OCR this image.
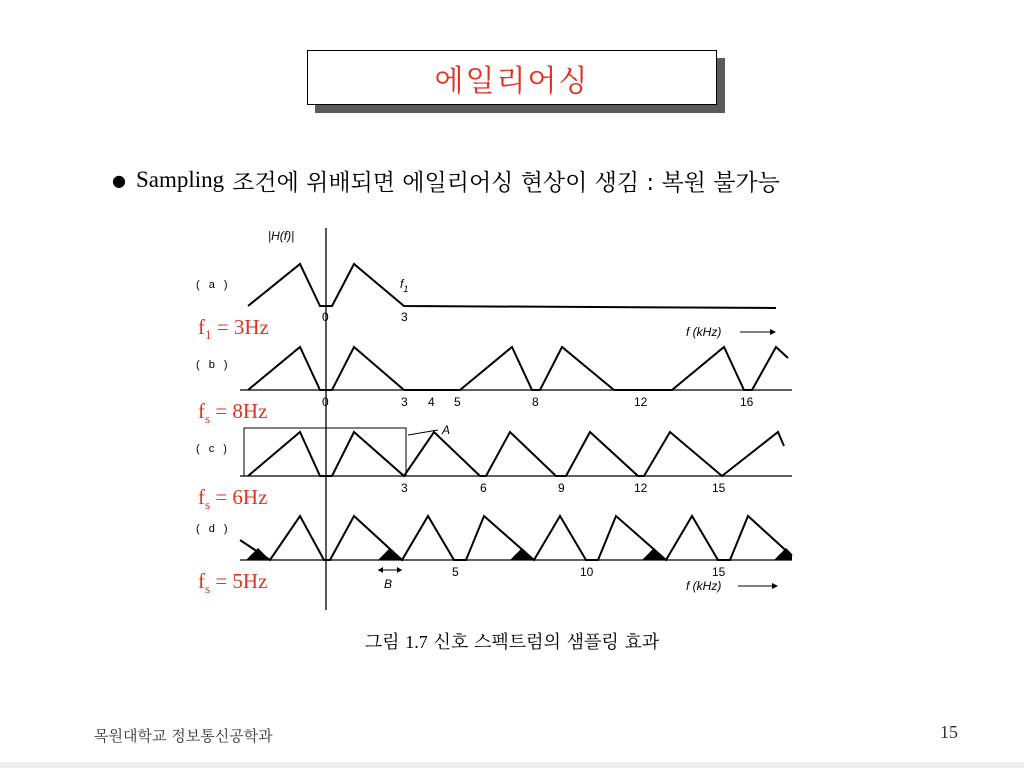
에일리어싱
● Sampling 조건에 위배되면 에일리어싱 현상이 생김 : 복원 불가능
|H(f)|
( a )	$f_1$
0	3
$f_1 = 3Hz$	f (kHz)
( b )
0	3 4 5	8	12	16
$f_s = 8Hz$
( c )
A
3	6	9	12	15
$f_s = 6Hz$
( d )
5	10	15
B	f (kHz)
$f_s = 5Hz$
그림 1.7 신호 스펙트럼의 샘플링 효과
목원대학교 정보통신공학과	15
